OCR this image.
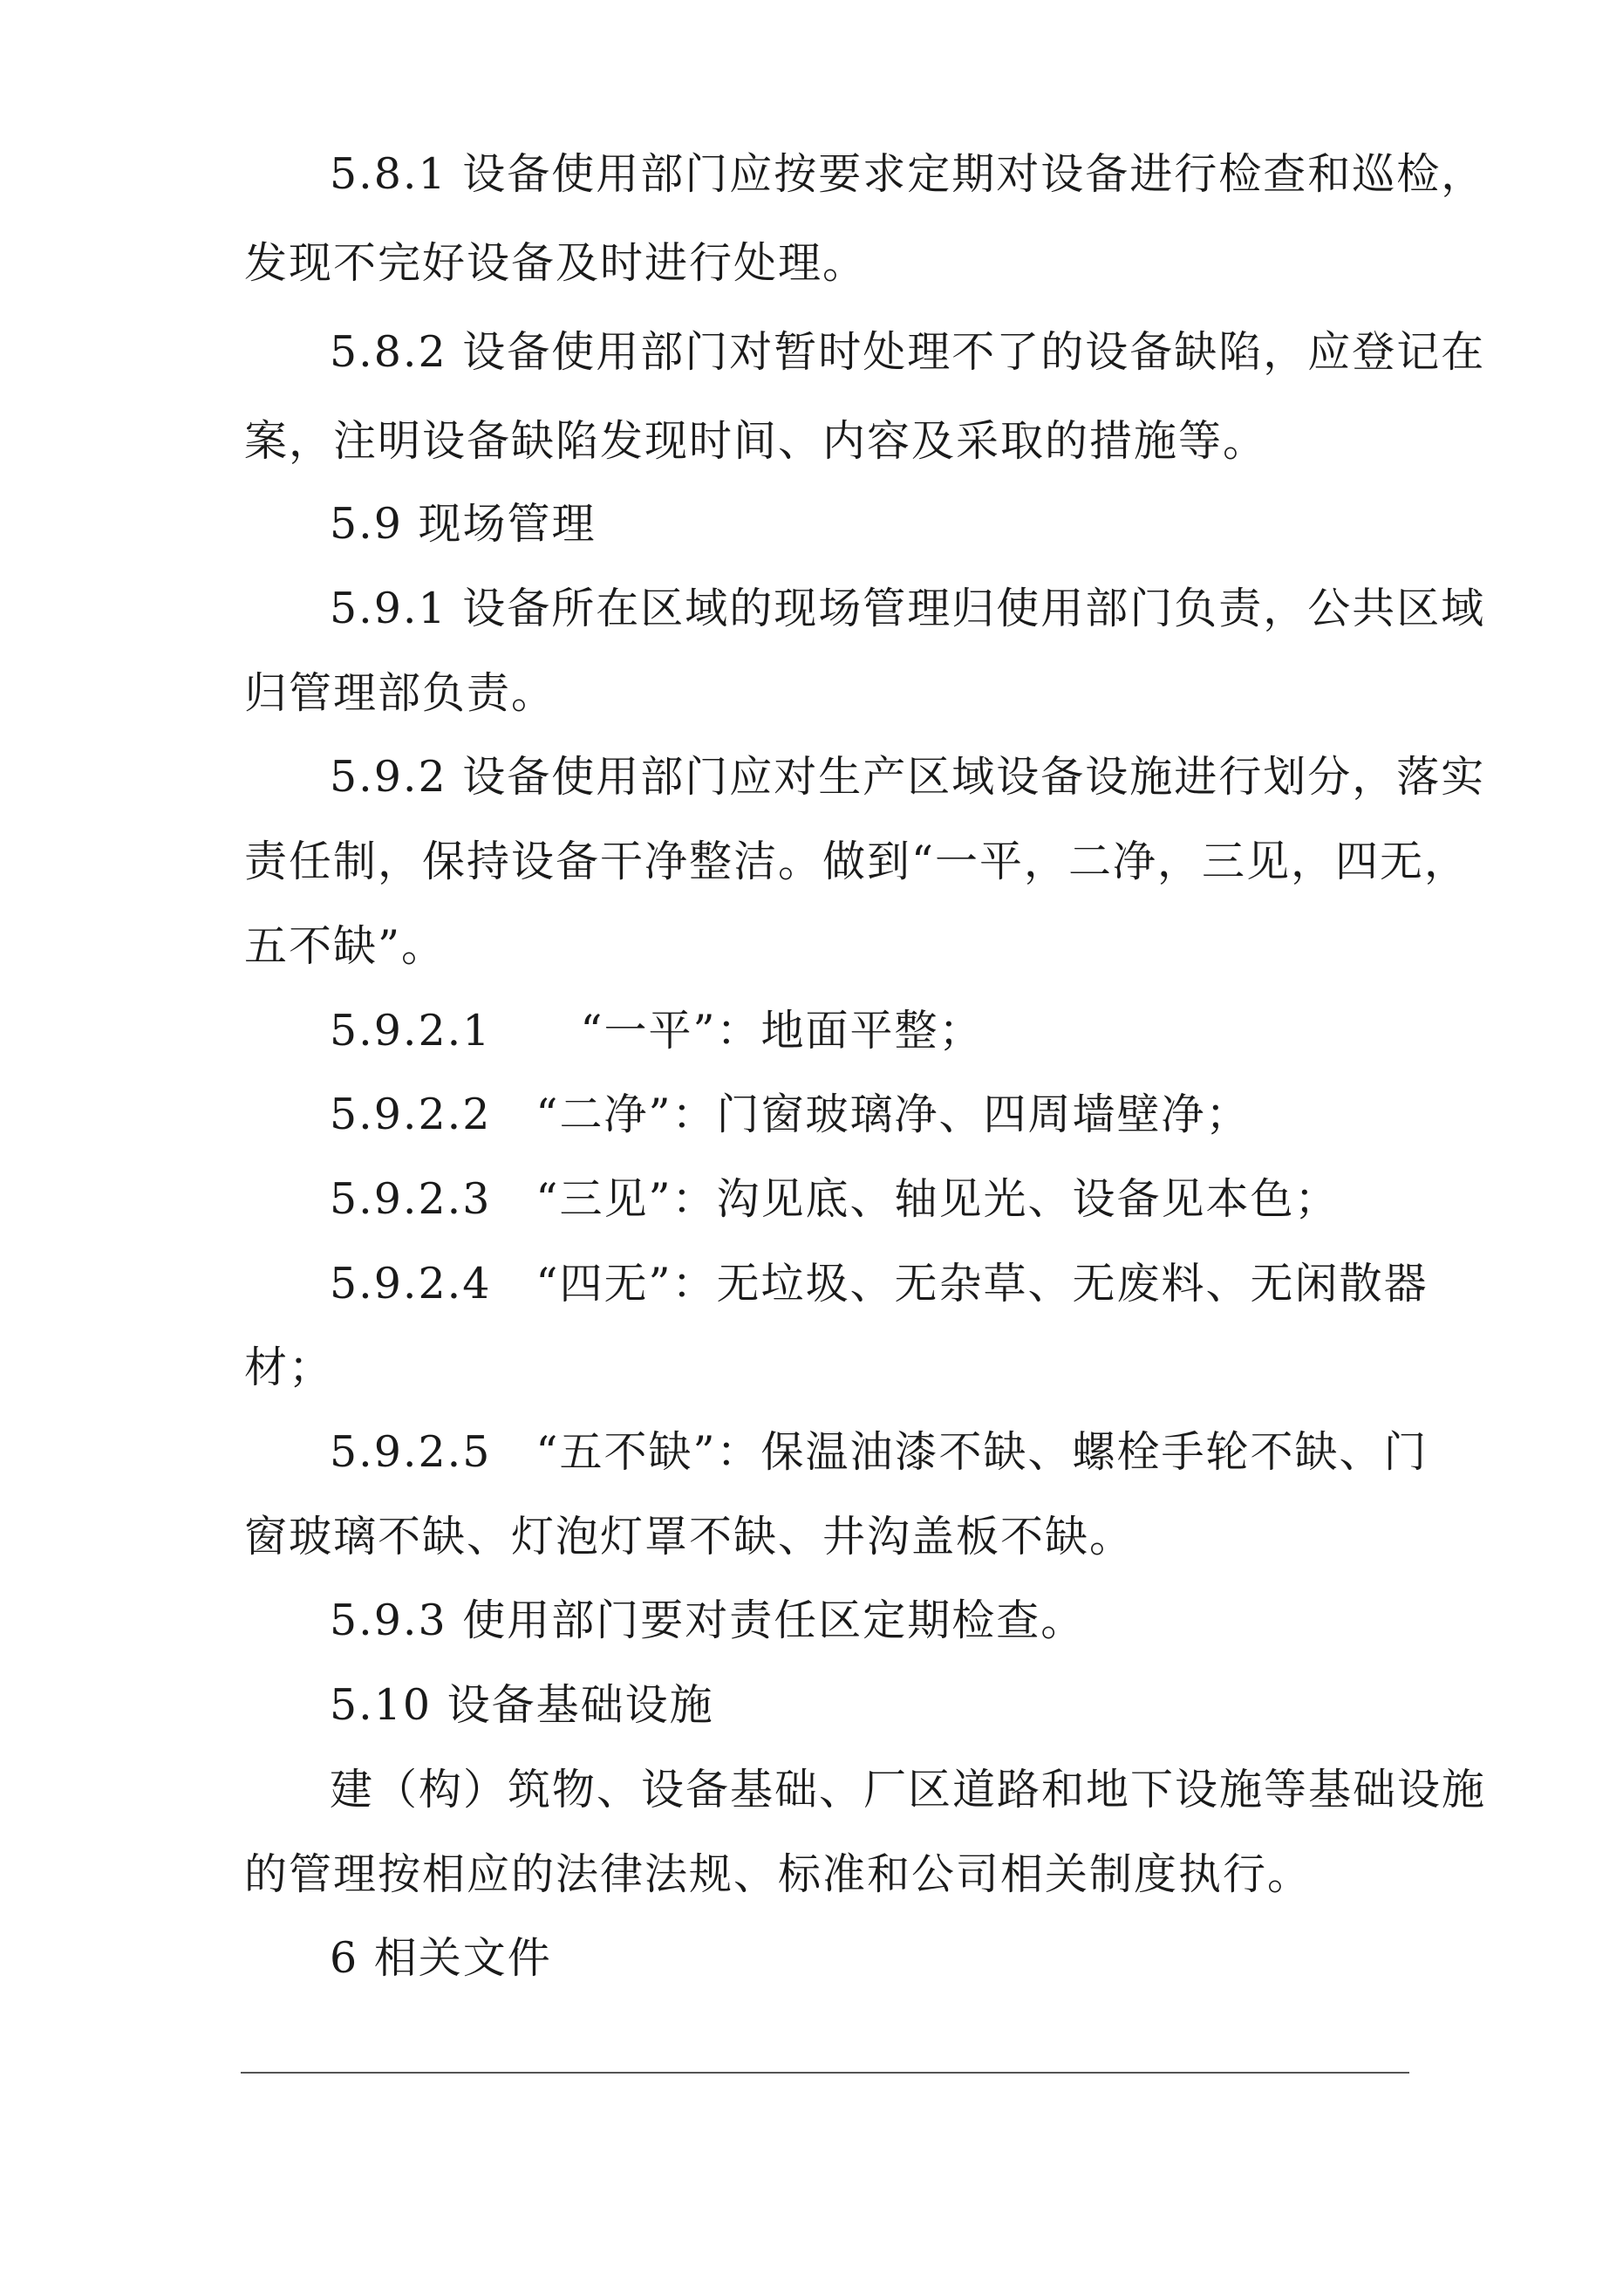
5.8.1 设备使用部门应按要求定期对设备进行检查和巡检，
发现不完好设备及时进行处理。
5.8.2 设备使用部门对暂时处理不了的设备缺陷，应登记在
案，注明设备缺陷发现时间、内容及采取的措施等。
5.9 现场管理
5.9.1 设备所在区域的现场管理归使用部门负责，公共区域
归管理部负责。
5.9.2 设备使用部门应对生产区域设备设施进行划分，落实
责任制，保持设备干净整洁。做到“一平，二净，三见，四无，
五不缺”。
5.9.2.1　　“一平”：地面平整；
5.9.2.2　“二净”：门窗玻璃净、四周墙壁净；
5.9.2.3　“三见”：沟见底、轴见光、设备见本色；
5.9.2.4　“四无”：无垃圾、无杂草、无废料、无闲散器
材；
5.9.2.5　“五不缺”：保温油漆不缺、螺栓手轮不缺、门
窗玻璃不缺、灯泡灯罩不缺、井沟盖板不缺。
5.9.3 使用部门要对责任区定期检查。
5.10 设备基础设施
建（构）筑物、设备基础、厂区道路和地下设施等基础设施
的管理按相应的法律法规、标准和公司相关制度执行。
6 相关文件
